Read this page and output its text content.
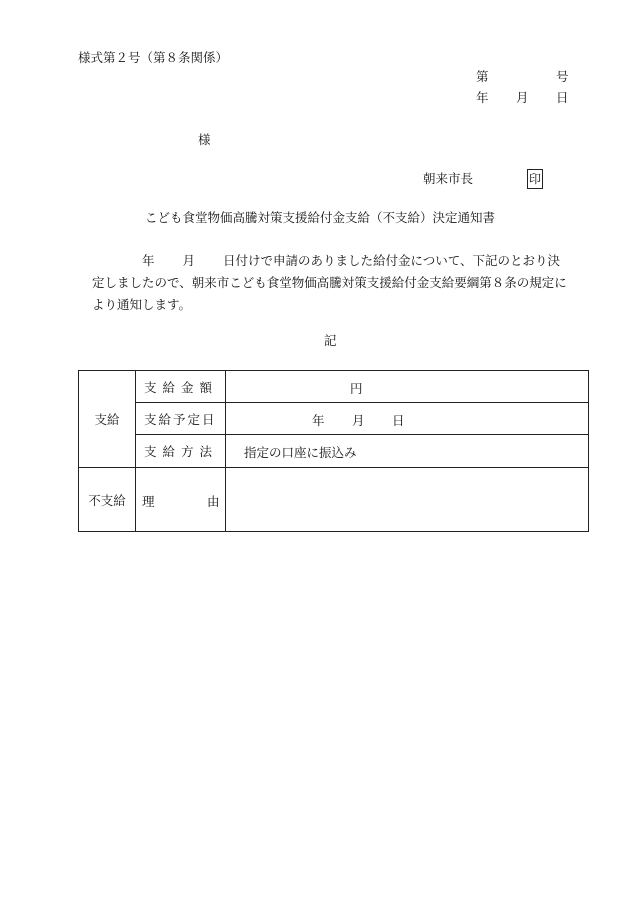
様式第２号（第８条関係）
第	号
年 月 日
様
朝来市長	印
こども食堂物価高騰対策支援給付金支給（不支給）決定通知書
年 月 日付けで申請のありました給付金について、下記のとおり決定しましたので、朝来市こども食堂物価高騰対策支援給付金支給要綱第８条の規定により通知します。
記
支給	支給金額	円

	支給予定日	年 月 日

	支給方法	指定の口座に振込み

不支給	理 由	
